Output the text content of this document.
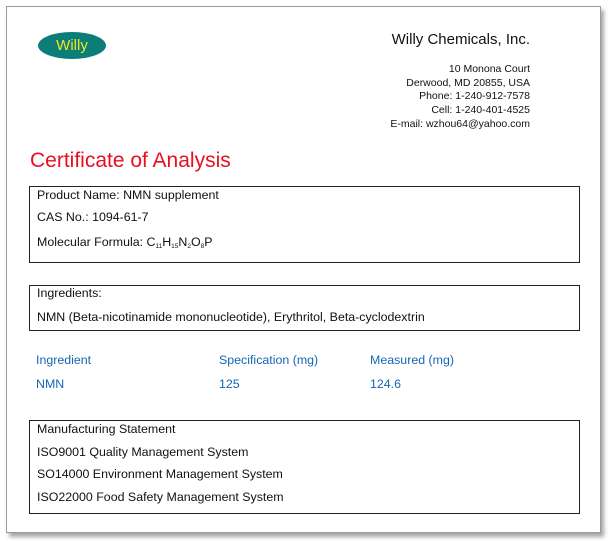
Willy	Willy Chemicals, Inc.
10 Monona Court
Derwood, MD 20855, USA
Phone: 1-240-912-7578
Cell: 1-240-401-4525
E-mail: wzhou64@yahoo.com
Certificate of Analysis
Product Name: NMN supplement
CAS No.: 1094-61-7
Molecular Formula: C11H15N2O8P
Ingredients:
NMN (Beta-nicotinamide mononucleotide), Erythritol, Beta-cyclodextrin
Ingredient	Specification (mg)	Measured (mg)
NMN	125	124.6
Manufacturing Statement
ISO9001 Quality Management System
SO14000 Environment Management System
ISO22000 Food Safety Management System
